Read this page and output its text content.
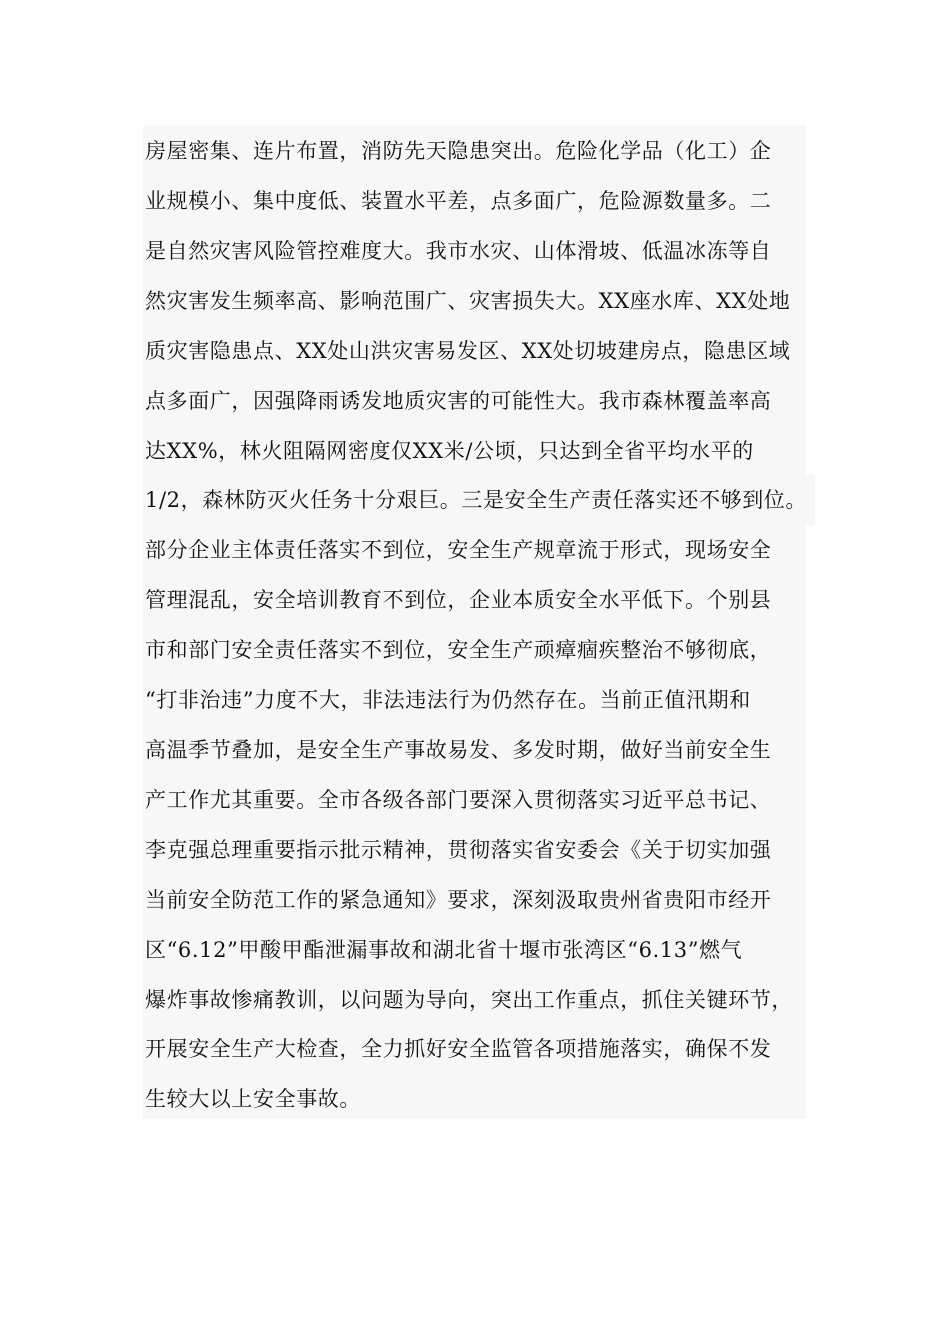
房屋密集、连片布置，消防先天隐患突出。危险化学品（化工）企
业规模小、集中度低、装置水平差，点多面广，危险源数量多。二
是自然灾害风险管控难度大。我市水灾、山体滑坡、低温冰冻等自
然灾害发生频率高、影响范围广、灾害损失大。XX座水库、XX处地
质灾害隐患点、XX处山洪灾害易发区、XX处切坡建房点，隐患区域
点多面广，因强降雨诱发地质灾害的可能性大。我市森林覆盖率高
达XX%，林火阻隔网密度仅XX米/公顷，只达到全省平均水平的
1/2，森林防灭火任务十分艰巨。三是安全生产责任落实还不够到位。
部分企业主体责任落实不到位，安全生产规章流于形式，现场安全
管理混乱，安全培训教育不到位，企业本质安全水平低下。个别县
市和部门安全责任落实不到位，安全生产顽瘴痼疾整治不够彻底，
“打非治违”力度不大，非法违法行为仍然存在。当前正值汛期和
高温季节叠加，是安全生产事故易发、多发时期，做好当前安全生
产工作尤其重要。全市各级各部门要深入贯彻落实习近平总书记、
李克强总理重要指示批示精神，贯彻落实省安委会《关于切实加强
当前安全防范工作的紧急通知》要求，深刻汲取贵州省贵阳市经开
区“6.12”甲酸甲酯泄漏事故和湖北省十堰市张湾区“6.13”燃气
爆炸事故惨痛教训，以问题为导向，突出工作重点，抓住关键环节，
开展安全生产大检查，全力抓好安全监管各项措施落实，确保不发
生较大以上安全事故。
